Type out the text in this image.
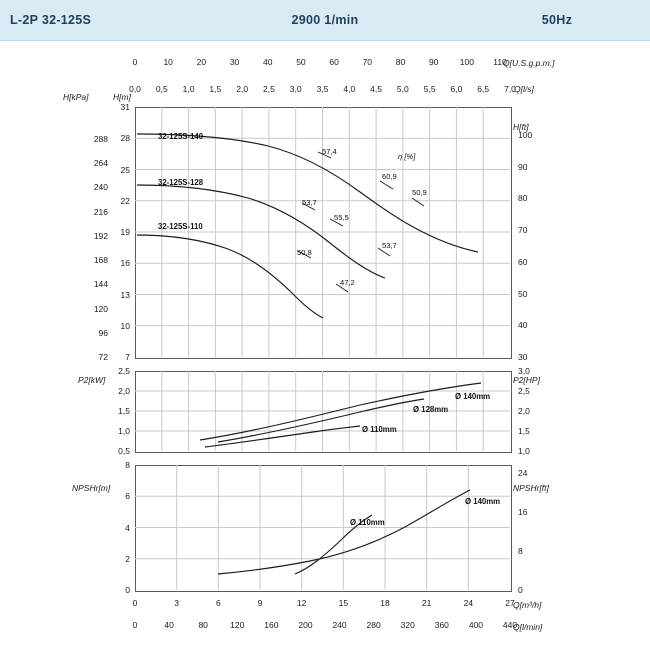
L-2P 32-125S	2900 1/min	50Hz
Q[U.S.g.p.m.]
Q[l/s]
H[kPa]	H[m]
H[ft]
32-125S-140
32-125S-128
32-125S-110
57,4
60,9
50,9
53,7
55,5
53,7
50,8
47,2
η [%]
P2[kW]	P2[HP]
Ø 140mm
Ø 128mm
Ø 110mm
NPSHr[m]	NPSHr[ft]
Ø 140mm
Ø 110mm
Q[m³/h]
Q[l/min]
0	10	20	30	40	50	60	70	80	90	100 110
0,0 0,5 1,0 1,5 2,0 2,5 3,0 3,5 4,0 4,5 5,0 5,5 6,0 6,5 7,0
7
10
13
16
19
22
25
28
31
72
96
120
144
168
192
216
240
264
288
30
40
50
60
70
80
90
100
0,5
1,0
1,5
2,0
2,5
1,0
1,5
2,0
2,5
3,0
0
2
4
6
8
0
8
16
24
0	3	6	9	12	15	18	21	24	27
0	40	80	120 160 200 240 280 320 360 400 440
